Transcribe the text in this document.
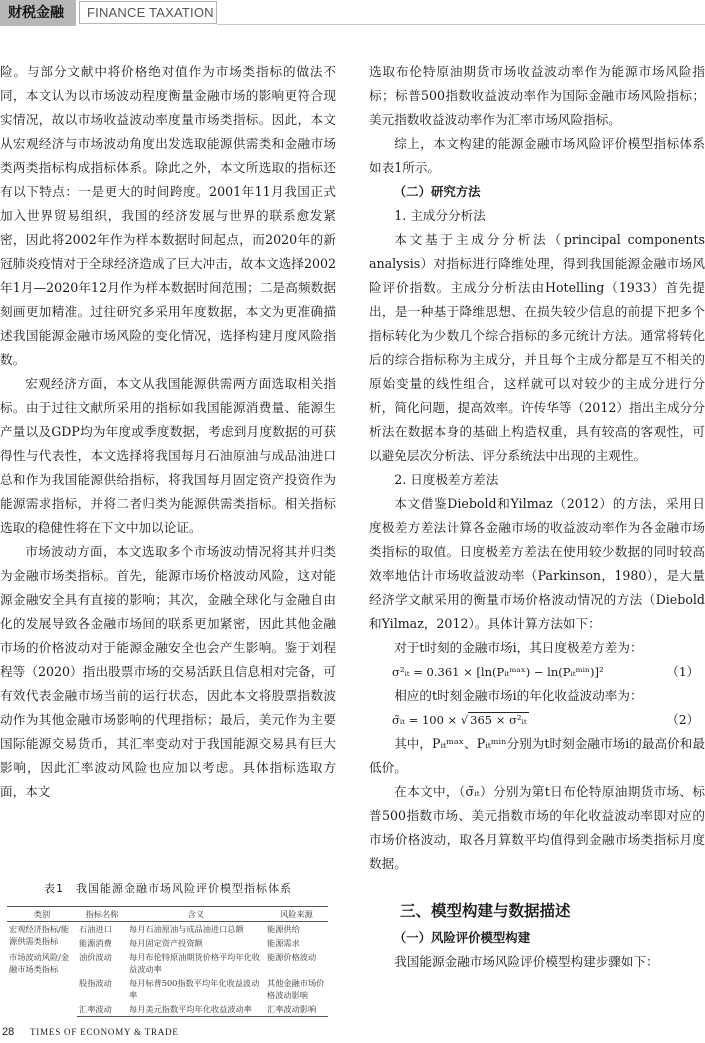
财税金融	FINANCE TAXATION

险。与部分文献中将价格绝对值作为市场类指标的做法不同，本文认为以市场波动程度衡量金融市场的影响更符合现实情况，故以市场收益波动率度量市场类指标。因此，本文从宏观经济与市场波动角度出发选取能源供需类和金融市场类两类指标构成指标体系。除此之外，本文所选取的指标还有以下特点：一是更大的时间跨度。2001年11月我国正式加入世界贸易组织，我国的经济发展与世界的联系愈发紧密，因此将2002年作为样本数据时间起点，而2020年的新冠肺炎疫情对于全球经济造成了巨大冲击，故本文选择2002年1月—2020年12月作为样本数据时间范围；二是高频数据刻画更加精准。过往研究多采用年度数据，本文为更准确描述我国能源金融市场风险的变化情况，选择构建月度风险指数。

宏观经济方面，本文从我国能源供需两方面选取相关指标。由于过往文献所采用的指标如我国能源消费量、能源生产量以及GDP均为年度或季度数据，考虑到月度数据的可获得性与代表性，本文选择将我国每月石油原油与成品油进口总和作为我国能源供给指标，将我国每月固定资产投资作为能源需求指标，并将二者归类为能源供需类指标。相关指标选取的稳健性将在下文中加以论证。

市场波动方面，本文选取多个市场波动情况将其并归类为金融市场类指标。首先，能源市场价格波动风险，这对能源金融安全具有直接的影响；其次，金融全球化与金融自由化的发展导致各金融市场间的联系更加紧密，因此其他金融市场的价格波动对于能源金融安全也会产生影响。鉴于刘程程等（2020）指出股票市场的交易活跃且信息相对完备，可有效代表金融市场当前的运行状态，因此本文将股票指数波动作为其他金融市场影响的代理指标；最后，美元作为主要国际能源交易货币，其汇率变动对于我国能源交易具有巨大影响，因此汇率波动风险也应加以考虑。具体指标选取方面，本文

表1　我国能源金融市场风险评价模型指标体系
类别	指标名称	含义	风险来源
宏观经济指标/能源供需类指标	石油进口	每月石油原油与成品油进口总额	能源供给
	能源消费	每月固定资产投资额	能源需求
市场波动风险/金融市场类指标	油价波动	每月布伦特原油期货价格平均年化收益波动率	能源价格波动
	股指波动	每月标普500指数平均年化收益波动率	其他金融市场价格波动影响
	汇率波动	每月美元指数平均年化收益波动率	汇率波动影响

选取布伦特原油期货市场收益波动率作为能源市场风险指标；标普500指数收益波动率作为国际金融市场风险指标；美元指数收益波动率作为汇率市场风险指标。

综上，本文构建的能源金融市场风险评价模型指标体系如表1所示。

（二）研究方法

1. 主成分分析法

本文基于主成分分析法（principal components analysis）对指标进行降维处理，得到我国能源金融市场风险评价指数。主成分分析法由Hotelling（1933）首先提出，是一种基于降维思想、在损失较少信息的前提下把多个指标转化为少数几个综合指标的多元统计方法。通常将转化后的综合指标称为主成分，并且每个主成分都是互不相关的原始变量的线性组合，这样就可以对较少的主成分进行分析，简化问题，提高效率。许传华等（2012）指出主成分分析法在数据本身的基础上构造权重，具有较高的客观性，可以避免层次分析法、评分系统法中出现的主观性。

2. 日度极差方差法

本文借鉴Diebold和Yilmaz（2012）的方法，采用日度极差方差法计算各金融市场的收益波动率作为各金融市场类指标的取值。日度极差方差法在使用较少数据的同时较高效率地估计市场收益波动率（Parkinson，1980），是大量经济学文献采用的衡量市场价格波动情况的方法（Diebold和Yilmaz，2012）。具体计算方法如下：

对于t时刻的金融市场i，其日度极差方差为：

σ²ᵢₜ = 0.361 × [ln(Pᵢₜᵐᵃˣ) − ln(Pᵢₜᵐⁱⁿ)]²	（1）

相应的t时刻金融市场i的年化收益波动率为：

σ̃ᵢₜ = 100 × √ 365 × σ²ᵢₜ	（2）

其中，Pᵢₜᵐᵃˣ、Pᵢₜᵐⁱⁿ分别为t时刻金融市场i的最高价和最低价。

在本文中，（σ̃ᵢₜ）分别为第t日布伦特原油期货市场、标普500指数市场、美元指数市场的年化收益波动率即对应的市场价格波动，取各月算数平均值得到金融市场类指标月度数据。

三、模型构建与数据描述

（一）风险评价模型构建

我国能源金融市场风险评价模型构建步骤如下：

28 TIMES OF ECONOMY & TRADE
